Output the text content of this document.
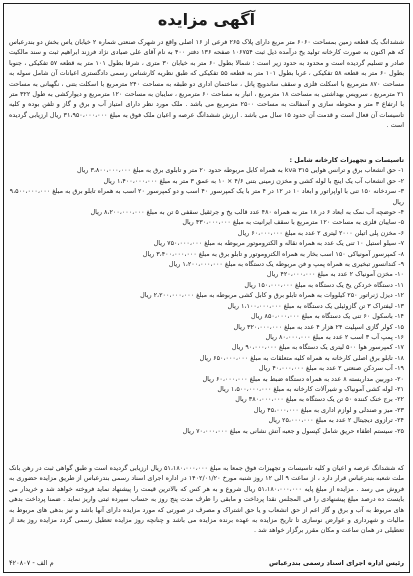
آگهی مزایده
ششدانگ یک قطعه زمین بمساحت ۶۰۶۰ متر مربع دارای پلاک ۲۶۵ فرعی از ۱۶ اصلی واقع در شهرک صنعتی شماره ۲ خیابان یاس بخش دو بندرعباس که هم اکنون به صورت کارخانه تولید یخ درآمده ذیل ثبت ۱۰۶۷۵۴ صفحه ۱۳۶ دفتر ۴۰۰ به نام آقای علی صیادی نژاد فرزند ابراهیم ثبت و سند مالکیت صادر و تسلیم گردیده است و محدود به حدود زیر است : شمالا بطول ۶۰ متر به خیابان ۳۰ متری ، شرقا بطول ۱۰۱ متر به قطعه ۵۷ تفکیکی ، جنوبا بطول ۶۰ متر به قطعه ۵۸ تفکیکی ، غربا بطول ۱۰۱ متر به قطعه ۵۵ تفکیکی که طبق نظریه کارشناس رسمی دادگستری اعیانات آن شامل سوله به مساحت ۸۷۰ مترمربع با اسکلت فلزی و سقف ساندویچ پانل ، ساختمان اداری دو طبقه به مساحت ۲۴۰ مترمربع با اسکلت بتنی ، نگهبانی به مساحت ۲۱ مترمربع ، سرویس بهداشتی به مساحت ۱۸ مترمربع ، انبار به مساحت ۶۰ مترمربع ، سایبان به مساحت ۱۲۰ مترمربع و دیوارکشی به طول ۳۲۲ متر با ارتفاع ۳ متر و محوطه سازی و آسفالت به مساحت ۲۵۰۰ مترمربع می باشد . ملک مورد نظر دارای امتیاز آب و برق و گاز و تلفن بوده و کلیه تاسیسات آن فعال است و قدمت آن حدود ۱۵ سال می باشد . ارزش ششدانگ عرصه و اعیان ملک فوق به مبلغ ۳۱،۹۵۰،۰۰۰،۰۰۰ ریال ارزیابی گردیده است .
تاسیسات و تجهیزات کارخانه شامل :
۱- حق انشعاب برق و ترانس هوایی ۳۱۵ kva به همراه کابل مربوطه حدود ۲۰ متر و تابلوی برق به مبلغ ۳،۸۰۰،۰۰۰،۰۰۰ ریال
۲- حق انشعاب آب یک اینچ با لوله کشی و مخزن زمینی بتنی ۴/۶ × ۱۰ به عمق ۳ متر به مبلغ ۱،۴۰۰،۰۰۰،۰۰۰ ریال
۳- سردخانه ۱۵۰ تنی با اواپراتور و ابعاد ۱۰ در ۱۲ در ۴ متر با یک کمپرسور ۴۰ اسب و دو کمپرسور ۲۰ اسب به همراه تابلو برق به مبلغ ۹،۵۰۰،۰۰۰،۰۰۰ ریال
۴- حوضچه آب نمک به ابعاد ۶ در ۱۸ متر به همراه ۴۸۰ عدد قالب یخ و جرثقیل سقفی ۵ تن به مبلغ ۸،۲۰۰،۰۰۰،۰۰۰ ریال
۵- سایبان فلزی به مساحت ۱۲۰ مترمربع با سقف ایرانیت به مبلغ ۴۳۰،۰۰۰،۰۰۰ ریال
۶- مخزن پلی اتیلن ۲۰۰۰ لیتری ۲ عدد به مبلغ ۶۰،۰۰۰،۰۰۰ ریال
۷- سیلو استیل ۱۰ تنی یک عدد به همراه نقاله و الکتروموتور مربوطه به مبلغ ۷۵۰،۰۰۰،۰۰۰ ریال
۸- کمپرسور آمونیاکی ۱۵۰ اسب بخار به همراه الکتروموتور و تابلو برق به مبلغ ۳،۴۰۰،۰۰۰،۰۰۰ ریال
۹- کندانسور تبخیری به همراه پمپ و فن مربوطه یک دستگاه به مبلغ ۱،۲۰۰،۰۰۰،۰۰۰ ریال
۱۰- مخزن آمونیاک ۲ عدد به مبلغ ۴۲۰،۰۰۰،۰۰۰ ریال
۱۱- دستگاه خردکن یخ یک دستگاه به مبلغ ۱۵۰،۰۰۰،۰۰۰ ریال
۱۲- دیزل ژنراتور ۲۵۰ کیلووات به همراه تابلو برق و کابل کشی مربوطه به مبلغ ۲،۲۰۰،۰۰۰،۰۰۰ ریال
۱۳- لیفتراک ۳ تن گازوئیلی یک دستگاه به مبلغ ۱،۱۰۰،۰۰۰،۰۰۰ ریال
۱۴- باسکول ۶۰ تنی یک دستگاه به مبلغ ۸۵۰،۰۰۰،۰۰۰ ریال
۱۵- کولر گازی اسپلیت ۲۴ هزار ۴ عدد به مبلغ ۳۲۰،۰۰۰،۰۰۰ ریال
۱۶- پمپ آب ۳ اسب ۲ عدد به مبلغ ۸۰،۰۰۰،۰۰۰ ریال
۱۷- کمپرسور هوا ۵۰۰ لیتری یک دستگاه به مبلغ ۹۰،۰۰۰،۰۰۰ ریال
۱۸- تابلو برق اصلی کارخانه به همراه کلیه متعلقات به مبلغ ۶۵۰،۰۰۰،۰۰۰ ریال
۱۹- آب سردکن صنعتی ۲ عدد به مبلغ ۴۰،۰۰۰،۰۰۰ ریال
۲۰- دوربین مداربسته ۸ عدد به همراه دستگاه ضبط به مبلغ ۶۰،۰۰۰،۰۰۰ ریال
۲۱- لوله کشی آمونیاک و شیرآلات کارخانه به مبلغ ۱،۵۰۰،۰۰۰،۰۰۰ ریال
۲۲- برج خنک کننده ۵۰ تن یک دستگاه به مبلغ ۳۸۰،۰۰۰،۰۰۰ ریال
۲۳- میز و صندلی و لوازم اداری به مبلغ ۴۵،۰۰۰،۰۰۰ ریال
۲۴- ترازوی دیجیتال ۲ عدد به مبلغ ۲۵،۰۰۰،۰۰۰ ریال
۲۵- سیستم اطفاء حریق شامل کپسول و جعبه آتش نشانی به مبلغ ۷۰،۰۰۰،۰۰۰ ریال
که ششدانگ عرصه و اعیان و کلیه تاسیسات و تجهیزات فوق جمعا به مبلغ ۵۱،۱۸۰،۰۰۰،۰۰۰ ریال ارزیابی گردیده است و طبق گواهی ثبت در رهن بانک ملت شعبه بندرعباس قرار دارد ، از ساعت ۹ الی ۱۲ روز شنبه مورخ ۱۴۰۲/۰۱/۲۰ در اداره اجرای اسناد رسمی بندرعباس از طریق مزایده حضوری به فروش می رسد . مزایده از مبلغ پایه ۵۱،۱۸۰،۰۰۰،۰۰۰ ریال شروع و به هر کس که بالاترین قیمت را پیشنهاد نماید فروخته خواهد شد و خریدار می بایست ده درصد مبلغ پیشنهادی را فی المجلس نقدا پرداخت و مابقی را ظرف مدت پنج روز به حساب سپرده ثبتی واریز نماید . ضمنا پرداخت بدهی های مربوط به آب و برق و گاز اعم از حق انشعاب و یا حق اشتراک و مصرف در صورتی که مورد مزایده دارای آنها باشد و نیز بدهی های مربوط به مالیات و شهرداری و عوارض نوسازی تا تاریخ مزایده به عهده برنده مزایده می باشد و چنانچه روز مزایده تعطیل رسمی گردد مزایده روز بعد از تعطیلی در همان ساعت و مکان مقرر برگزار خواهد شد .
رئیس اداره اجرای اسناد رسمی بندرعباس
۴۲۰۸۰۷ - م الف
